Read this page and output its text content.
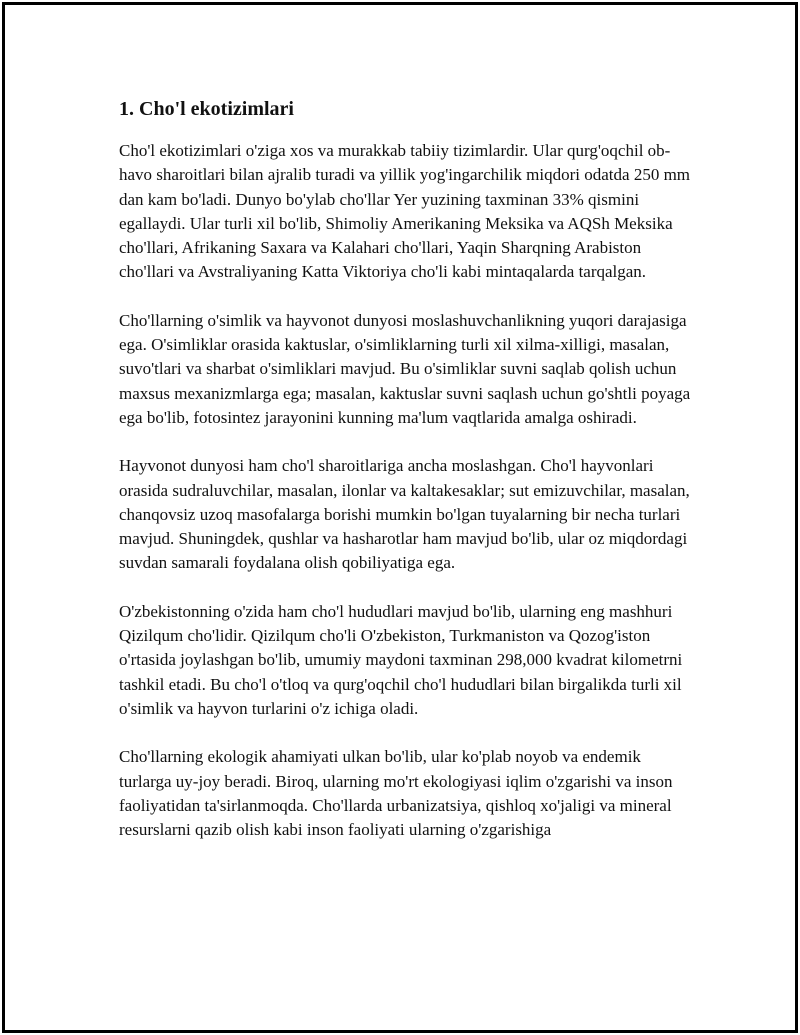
1. Cho'l ekotizimlari

Cho'l ekotizimlari o'ziga xos va murakkab tabiiy tizimlardir. Ular qurg'oqchil ob-havo sharoitlari bilan ajralib turadi va yillik yog'ingarchilik miqdori odatda 250 mm dan kam bo'ladi. Dunyo bo'ylab cho'llar Yer yuzining taxminan 33% qismini egallaydi. Ular turli xil bo'lib, Shimoliy Amerikaning Meksika va AQSh Meksika cho'llari, Afrikaning Saxara va Kalahari cho'llari, Yaqin Sharqning Arabiston cho'llari va Avstraliyaning Katta Viktoriya cho'li kabi mintaqalarda tarqalgan.

Cho'llarning o'simlik va hayvonot dunyosi moslashuvchanlikning yuqori darajasiga ega. O'simliklar orasida kaktuslar, o'simliklarning turli xil xilma-xilligi, masalan, suvo'tlari va sharbat o'simliklari mavjud. Bu o'simliklar suvni saqlab qolish uchun maxsus mexanizmlarga ega; masalan, kaktuslar suvni saqlash uchun go'shtli poyaga ega bo'lib, fotosintez jarayonini kunning ma'lum vaqtlarida amalga oshiradi.

Hayvonot dunyosi ham cho'l sharoitlariga ancha moslashgan. Cho'l hayvonlari orasida sudraluvchilar, masalan, ilonlar va kaltakesaklar; sut emizuvchilar, masalan, chanqovsiz uzoq masofalarga borishi mumkin bo'lgan tuyalarning bir necha turlari mavjud. Shuningdek, qushlar va hasharotlar ham mavjud bo'lib, ular oz miqdordagi suvdan samarali foydalana olish qobiliyatiga ega.

O'zbekistonning o'zida ham cho'l hududlari mavjud bo'lib, ularning eng mashhuri Qizilqum cho'lidir. Qizilqum cho'li O'zbekiston, Turkmaniston va Qozog'iston o'rtasida joylashgan bo'lib, umumiy maydoni taxminan 298,000 kvadrat kilometrni tashkil etadi. Bu cho'l o'tloq va qurg'oqchil cho'l hududlari bilan birgalikda turli xil o'simlik va hayvon turlarini o'z ichiga oladi.

Cho'llarning ekologik ahamiyati ulkan bo'lib, ular ko'plab noyob va endemik turlarga uy-joy beradi. Biroq, ularning mo'rt ekologiyasi iqlim o'zgarishi va inson faoliyatidan ta'sirlanmoqda. Cho'llarda urbanizatsiya, qishloq xo'jaligi va mineral resurslarni qazib olish kabi inson faoliyati ularning o'zgarishiga
